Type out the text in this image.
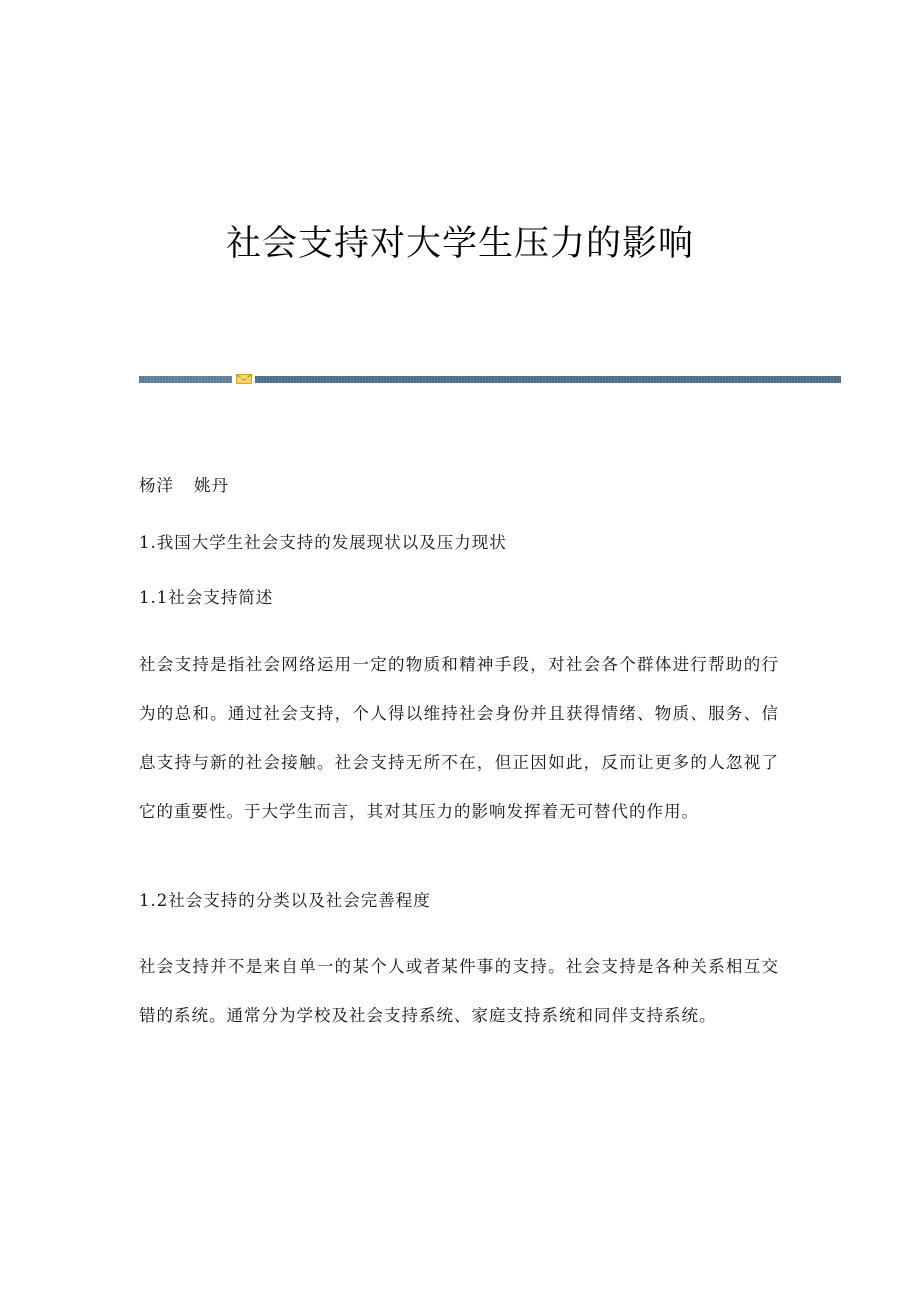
社会支持对大学生压力的影响

杨洋 姚丹

1.我国大学生社会支持的发展现状以及压力现状

1.1社会支持简述

社会支持是指社会网络运用一定的物质和精神手段，对社会各个群体进行帮助的行为的总和。通过社会支持，个人得以维持社会身份并且获得情绪、物质、服务、信息支持与新的社会接触。社会支持无所不在，但正因如此，反而让更多的人忽视了它的重要性。于大学生而言，其对其压力的影响发挥着无可替代的作用。

1.2社会支持的分类以及社会完善程度

社会支持并不是来自单一的某个人或者某件事的支持。社会支持是各种关系相互交错的系统。通常分为学校及社会支持系统、家庭支持系统和同伴支持系统。
